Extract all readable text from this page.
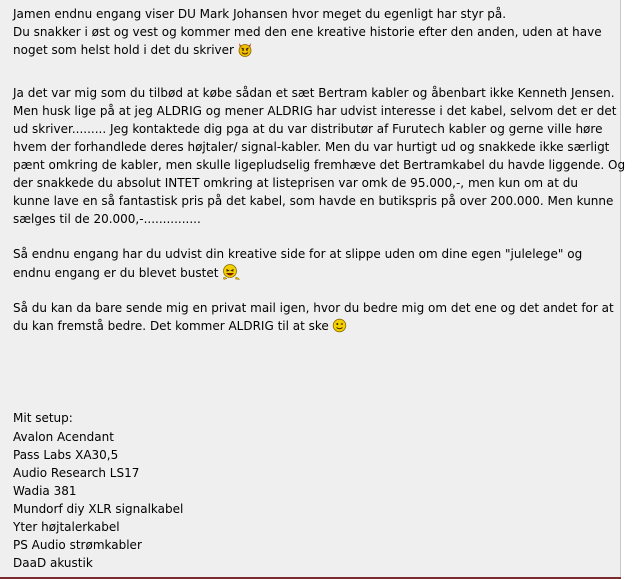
Jamen endnu engang viser DU Mark Johansen hvor meget du egenligt har styr på.
Du snakker i øst og vest og kommer med den ene kreative historie efter den anden, uden at have
noget som helst hold i det du skriver
Ja det var mig som du tilbød at købe sådan et sæt Bertram kabler og åbenbart ikke Kenneth Jensen.
Men husk lige på at jeg ALDRIG og mener ALDRIG har udvist interesse i det kabel, selvom det er det
ud skriver......... Jeg kontaktede dig pga at du var distributør af Furutech kabler og gerne ville høre
hvem der forhandlede deres højtaler/ signal-kabler. Men du var hurtigt ud og snakkede ikke særligt
pænt omkring de kabler, men skulle ligepludselig fremhæve det Bertramkabel du havde liggende. Og
der snakkede du absolut INTET omkring at listeprisen var omk de 95.000,-, men kun om at du
kunne lave en så fantastisk pris på det kabel, som havde en butikspris på over 200.000. Men kunne
sælges til de 20.000,-...............
Så endnu engang har du udvist din kreative side for at slippe uden om dine egen "julelege" og
endnu engang er du blevet bustet
Så du kan da bare sende mig en privat mail igen, hvor du bedre mig om det ene og det andet for at
du kan fremstå bedre. Det kommer ALDRIG til at ske
Mit setup:
Avalon Acendant
Pass Labs XA30,5
Audio Research LS17
Wadia 381
Mundorf diy XLR signalkabel
Yter højtalerkabel
PS Audio strømkabler
DaaD akustik
